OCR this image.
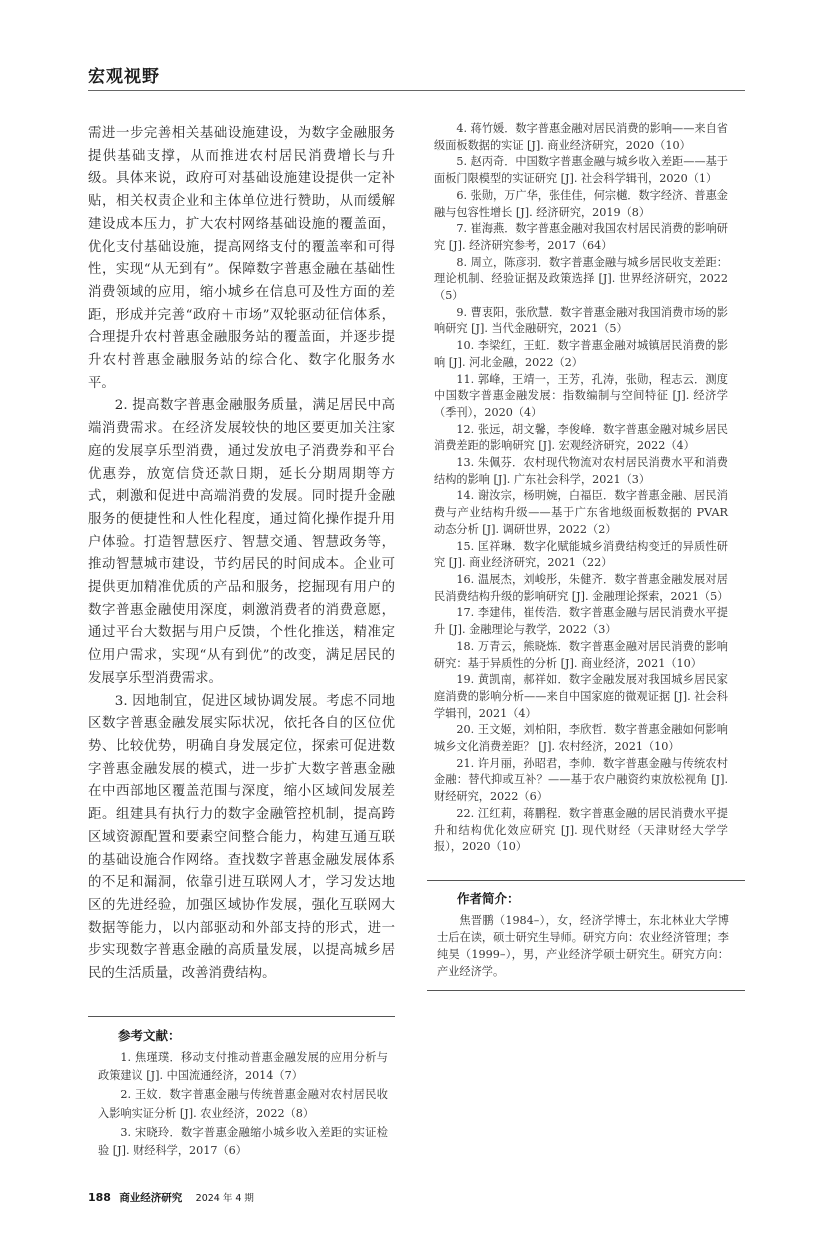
宏观视野

需进一步完善相关基础设施建设，为数字金融服务提供基础支撑，从而推进农村居民消费增长与升级。具体来说，政府可对基础设施建设提供一定补贴，相关权责企业和主体单位进行赞助，从而缓解建设成本压力，扩大农村网络基础设施的覆盖面，优化支付基础设施，提高网络支付的覆盖率和可得性，实现“从无到有”。保障数字普惠金融在基础性消费领域的应用，缩小城乡在信息可及性方面的差距，形成并完善“政府＋市场”双轮驱动征信体系，合理提升农村普惠金融服务站的覆盖面，并逐步提升农村普惠金融服务站的综合化、数字化服务水平。

2. 提高数字普惠金融服务质量，满足居民中高端消费需求。在经济发展较快的地区要更加关注家庭的发展享乐型消费，通过发放电子消费券和平台优惠券，放宽信贷还款日期，延长分期周期等方式，刺激和促进中高端消费的发展。同时提升金融服务的便捷性和人性化程度，通过简化操作提升用户体验。打造智慧医疗、智慧交通、智慧政务等，推动智慧城市建设，节约居民的时间成本。企业可提供更加精准优质的产品和服务，挖掘现有用户的数字普惠金融使用深度，刺激消费者的消费意愿，通过平台大数据与用户反馈，个性化推送，精准定位用户需求，实现“从有到优”的改变，满足居民的发展享乐型消费需求。

3. 因地制宜，促进区域协调发展。考虑不同地区数字普惠金融发展实际状况，依托各自的区位优势、比较优势，明确自身发展定位，探索可促进数字普惠金融发展的模式，进一步扩大数字普惠金融在中西部地区覆盖范围与深度，缩小区域间发展差距。组建具有执行力的数字金融管控机制，提高跨区域资源配置和要素空间整合能力，构建互通互联的基础设施合作网络。查找数字普惠金融发展体系的不足和漏洞，依靠引进互联网人才，学习发达地区的先进经验，加强区域协作发展，强化互联网大数据等能力，以内部驱动和外部支持的形式，进一步实现数字普惠金融的高质量发展，以提高城乡居民的生活质量，改善消费结构。

参考文献：

1. 焦瑾璞．移动支付推动普惠金融发展的应用分析与政策建议 [J]. 中国流通经济，2014（7）

2. 王妏．数字普惠金融与传统普惠金融对农村居民收入影响实证分析 [J]. 农业经济，2022（8）

3. 宋晓玲．数字普惠金融缩小城乡收入差距的实证检验 [J]. 财经科学，2017（6）

4. 蒋竹媛．数字普惠金融对居民消费的影响——来自省级面板数据的实证 [J]. 商业经济研究，2020（10）

5. 赵丙奇．中国数字普惠金融与城乡收入差距——基于面板门限模型的实证研究 [J]. 社会科学辑刊，2020（1）

6. 张勋，万广华，张佳佳，何宗樾．数字经济、普惠金融与包容性增长 [J]. 经济研究，2019（8）

7. 崔海燕．数字普惠金融对我国农村居民消费的影响研究 [J]. 经济研究参考，2017（64）

8. 周立，陈彦羽．数字普惠金融与城乡居民收支差距：理论机制、经验证据及政策选择 [J]. 世界经济研究，2022（5）

9. 曹衷阳，张欣慧．数字普惠金融对我国消费市场的影响研究 [J]. 当代金融研究，2021（5）

10. 李梁红，王虹．数字普惠金融对城镇居民消费的影响 [J]. 河北金融，2022（2）

11. 郭峰，王靖一，王芳，孔涛，张勋，程志云．测度中国数字普惠金融发展：指数编制与空间特征 [J]. 经济学（季刊），2020（4）

12. 张远，胡文馨，李俊峰．数字普惠金融对城乡居民消费差距的影响研究 [J]. 宏观经济研究，2022（4）

13. 朱佩芬．农村现代物流对农村居民消费水平和消费结构的影响 [J]. 广东社会科学，2021（3）

14. 谢汝宗，杨明婉，白福臣．数字普惠金融、居民消费与产业结构升级——基于广东省地级面板数据的 PVAR 动态分析 [J]. 调研世界，2022（2）

15. 匡祥琳．数字化赋能城乡消费结构变迁的异质性研究 [J]. 商业经济研究，2021（22）

16. 温展杰，刘峻彤，朱健齐．数字普惠金融发展对居民消费结构升级的影响研究 [J]. 金融理论探索，2021（5）

17. 李建伟，崔传浩．数字普惠金融与居民消费水平提升 [J]. 金融理论与教学，2022（3）

18. 万青云，熊晓炼．数字普惠金融对居民消费的影响研究：基于异质性的分析 [J]. 商业经济，2021（10）

19. 黄凯南，郝祥如．数字金融发展对我国城乡居民家庭消费的影响分析——来自中国家庭的微观证据 [J]. 社会科学辑刊，2021（4）

20. 王文姬，刘柏阳，李欣哲．数字普惠金融如何影响城乡文化消费差距？ [J]. 农村经济，2021（10）

21. 许月丽，孙昭君，李帅．数字普惠金融与传统农村金融：替代抑或互补？——基于农户融资约束放松视角 [J]. 财经研究，2022（6）

22. 江红莉，蒋鹏程．数字普惠金融的居民消费水平提升和结构优化效应研究 [J]. 现代财经（天津财经大学学报），2020（10）

作者简介：

焦晋鹏（1984–），女，经济学博士，东北林业大学博士后在读，硕士研究生导师。研究方向：农业经济管理；李纯昊（1999–），男，产业经济学硕士研究生。研究方向：产业经济学。

188 商业经济研究 2024 年 4 期
